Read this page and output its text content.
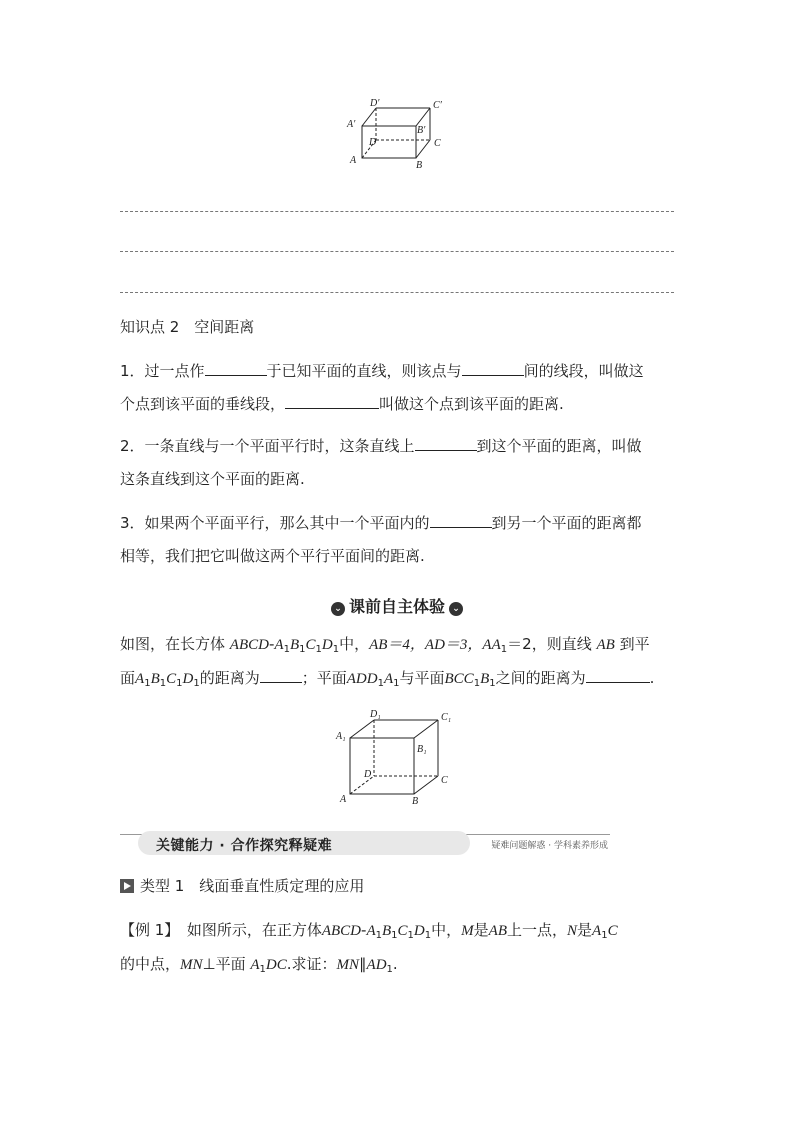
D′	C′
A′
B′
D	C
A	B
知识点 2　空间距离
1．过一点作	于已知平面的直线，则该点与	间的线段，叫做这
个点到该平面的垂线段，	叫做这个点到该平面的距离.
2．一条直线与一个平面平行时，这条直线上	到这个平面的距离，叫做
这条直线到这个平面的距离.
3．如果两个平面平行，那么其中一个平面内的	到另一个平面的距离都
相等，我们把它叫做这两个平行平面间的距离.
⌄ 课前自主体验 ⌄
如图，在长方体 ABCD-$A_1B_1C_1D_1$中，AB＝4，AD＝3，$AA_1=2$，则直线 AB 到平
面$A_1B_1C_1D_1$的距离为	；平面$ADD_1A_1$与平面$BCC_1B_1$之间的距离为	.
D₁	C₁
A₁
B₁
D
C
A	B
关键能力 · 合作探究释疑难	疑难问题解惑 · 学科素养形成
类型 1　线面垂直性质定理的应用
【例 1】　 如图所示，在正方体ABCD-$A_1B_1C_1D_1$中，M是AB上一点，N是$A_1C$
的中点，MN⊥平面 $A_1DC$.求证：$MN\parallel AD_1$.
